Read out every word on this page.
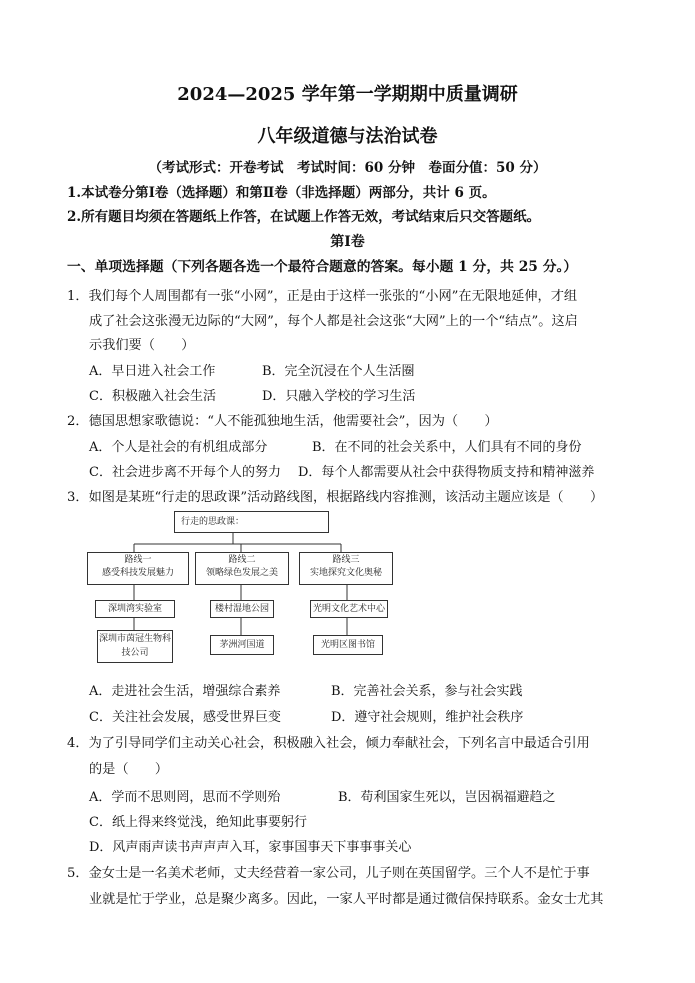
2024—2025 学年第一学期期中质量调研
八年级道德与法治试卷
（考试形式：开卷考试　考试时间：60 分钟　卷面分值：50 分）
1.本试卷分第Ⅰ卷（选择题）和第Ⅱ卷（非选择题）两部分，共计 6 页。
2.所有题目均须在答题纸上作答，在试题上作答无效，考试结束后只交答题纸。
第Ⅰ卷
一、单项选择题（下列各题各选一个最符合题意的答案。每小题 1 分，共 25 分。）
1．我们每个人周围都有一张“小网”，正是由于这样一张张的“小网”在无限地延伸，才组
成了社会这张漫无边际的“大网”，每个人都是社会这张“大网”上的一个“结点”。这启
示我们要（　　）
A．早日进入社会工作	B．完全沉浸在个人生活圈
C．积极融入社会生活	D．只融入学校的学习生活
2．德国思想家歌德说：“人不能孤独地生活，他需要社会”，因为（　　）
A．个人是社会的有机组成部分	B．在不同的社会关系中，人们具有不同的身份
C．社会进步离不开每个人的努力 D．每个人都需要从社会中获得物质支持和精神滋养
3．如图是某班“行走的思政课”活动路线图，根据路线内容推测，该活动主题应该是（　　）
行走的思政课：
路线一
感受科技发展魅力
路线二
领略绿色发展之美
路线三
实地探究文化奥秘
深圳湾实验室	楼村湿地公园	光明文化艺术中心
深圳市茵冠生物科技公司
茅洲河国道	光明区图书馆
A．走进社会生活，增强综合素养	B．完善社会关系，参与社会实践
C．关注社会发展，感受世界巨变	D．遵守社会规则，维护社会秩序
4．为了引导同学们主动关心社会，积极融入社会，倾力奉献社会，下列名言中最适合引用
的是（　　）
A．学而不思则罔，思而不学则殆	B．苟利国家生死以，岂因祸福避趋之
C．纸上得来终觉浅，绝知此事要躬行
D．风声雨声读书声声声入耳，家事国事天下事事事关心
5．金女士是一名美术老师，丈夫经营着一家公司，儿子则在英国留学。三个人不是忙于事
业就是忙于学业，总是聚少离多。因此，一家人平时都是通过微信保持联系。金女士尤其
